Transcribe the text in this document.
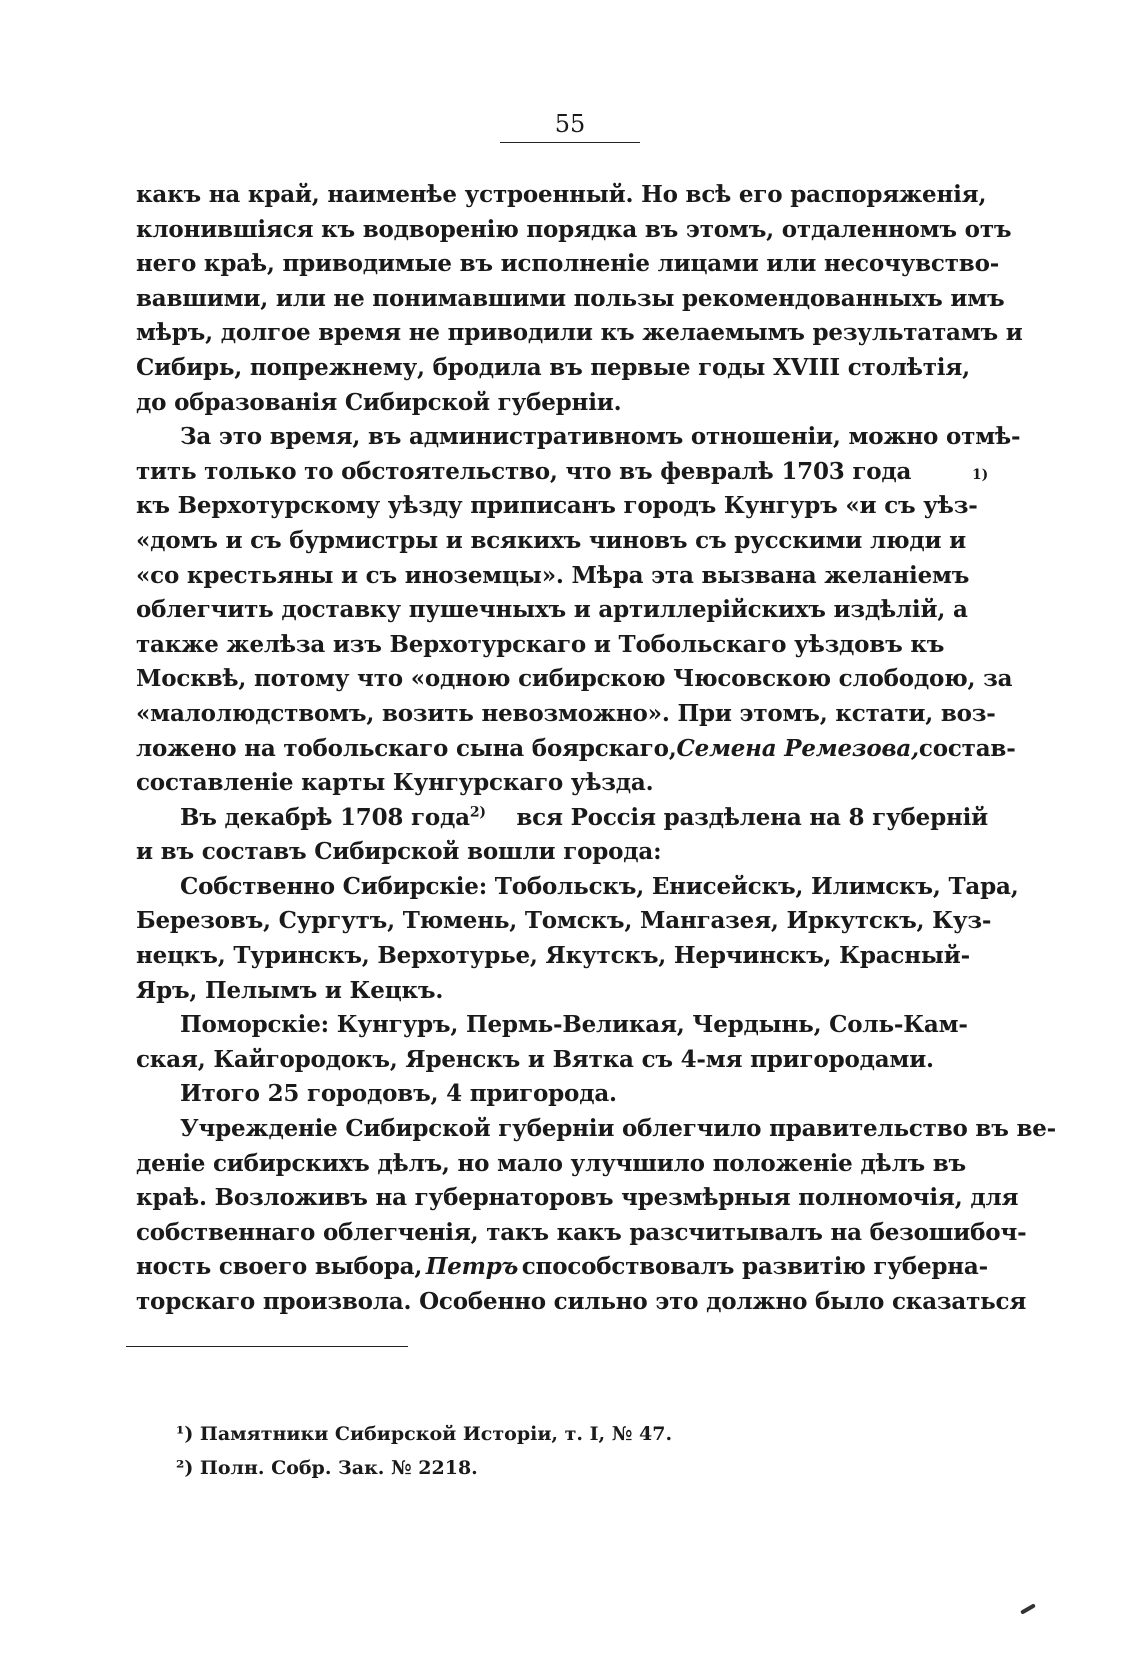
55
какъ на край, наименѣе устроенный. Но всѣ его распоряженія,
клонившіяся къ водворенію порядка въ этомъ, отдаленномъ отъ
него краѣ, приводимые въ исполненіе лицами или несочувство-
вавшими, или не понимавшими пользы рекомендованныхъ имъ
мѣръ, долгое время не приводили къ желаемымъ результатамъ и
Сибирь, попрежнему, бродила въ первые годы XVIII столѣтія,
до образованія Сибирской губерніи.
За это время, въ административномъ отношеніи, можно отмѣ-
тить только то обстоятельство, что въ февралѣ 1703 года	1)
къ Верхотурскому уѣзду приписанъ городъ Кунгуръ «и съ уѣз-
«домъ и съ бурмистры и всякихъ чиновъ съ русскими люди и
«со крестьяны и съ иноземцы». Мѣра эта вызвана желаніемъ
облегчить доставку пушечныхъ и артиллерійскихъ издѣлій, а
также желѣза изъ Верхотурскаго и Тобольскаго уѣздовъ къ
Москвѣ, потому что «одною сибирскою Чюсовскою слободою, за
«малолюдствомъ, возить невозможно». При этомъ, кстати, воз-
ложено на тобольскаго сына боярскаго, Семена Ремезова, состав-
составленіе карты Кунгурскаго уѣзда.
Въ декабрѣ 1708 года$^{2)}$ вся Россія раздѣлена на 8 губерній
и въ составъ Сибирской вошли города:
Собственно Сибирскіе: Тобольскъ, Енисейскъ, Илимскъ, Тара,
Березовъ, Сургутъ, Тюмень, Томскъ, Мангазея, Иркутскъ, Куз-
нецкъ, Туринскъ, Верхотурье, Якутскъ, Нерчинскъ, Красный-
Яръ, Пелымъ и Кецкъ.
Поморскіе: Кунгуръ, Пермь-Великая, Чердынь, Соль-Кам-
ская, Кайгородокъ, Яренскъ и Вятка съ 4-мя пригородами.
Итого 25 городовъ, 4 пригорода.
Учрежденіе Сибирской губерніи облегчило правительство въ ве-
деніе сибирскихъ дѣлъ, но мало улучшило положеніе дѣлъ въ
краѣ. Возложивъ на губернаторовъ чрезмѣрныя полномочія, для
собственнаго облегченія, такъ какъ разсчитывалъ на безошибоч-
ность своего выбора, Петръ способствовалъ развитію губерна-
торскаго произвола. Особенно сильно это должно было сказаться
¹) Памятники Сибирской Исторіи, т. I, № 47.
²) Полн. Собр. Зак. № 2218.
